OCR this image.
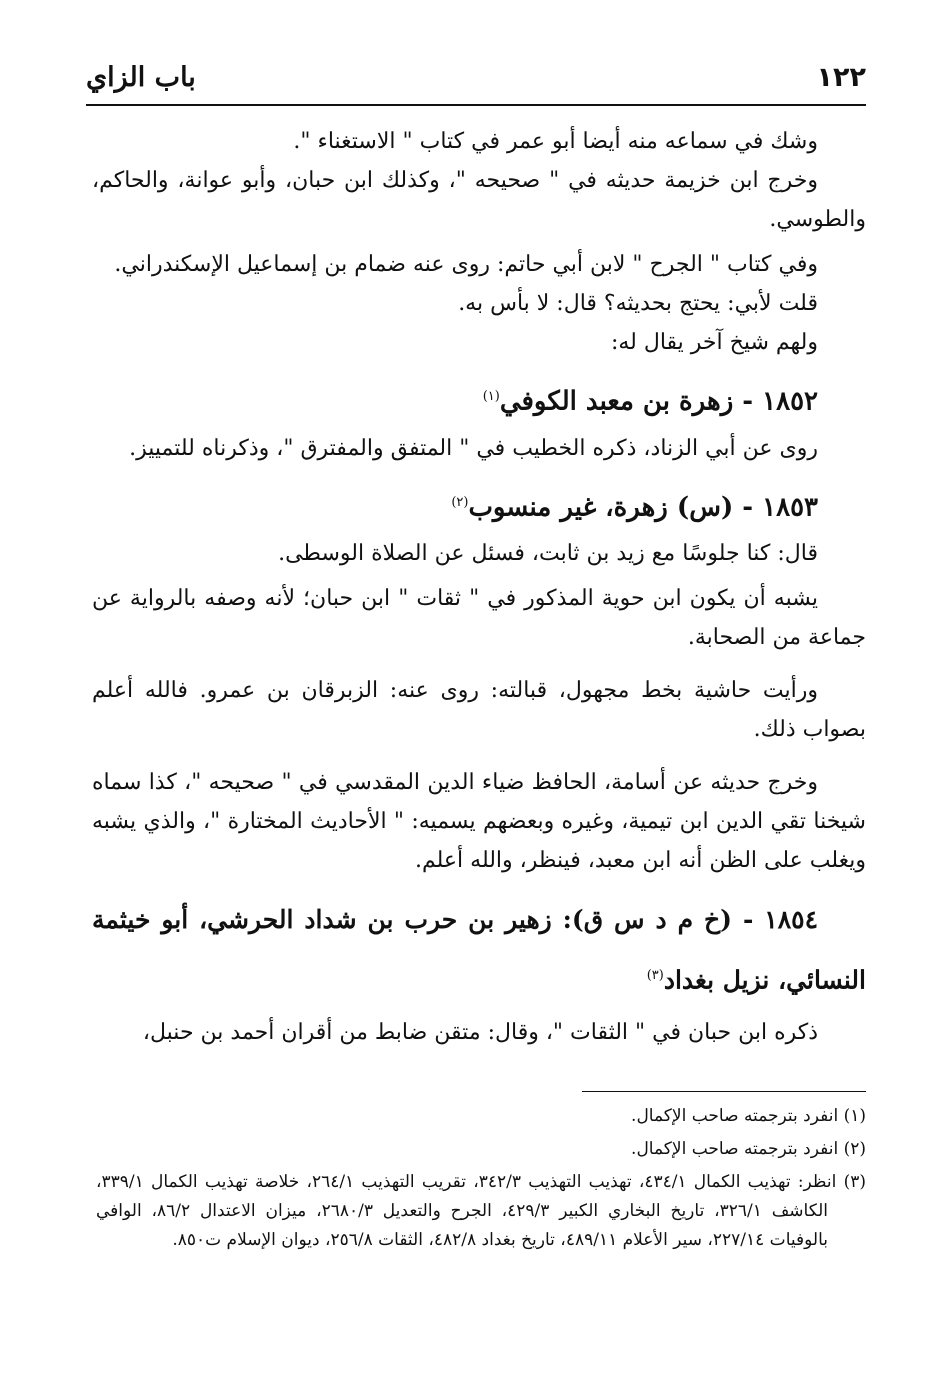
١٢٢
باب الزاي

وشك في سماعه منه أيضا أبو عمر في كتاب " الاستغناء ".

وخرج ابن خزيمة حديثه في " صحيحه "، وكذلك ابن حبان، وأبو عوانة، والحاكم، والطوسي.

وفي كتاب " الجرح " لابن أبي حاتم: روى عنه ضمام بن إسماعيل الإسكندراني.

قلت لأبي: يحتج بحديثه؟ قال: لا بأس به.

ولهم شيخ آخر يقال له:

١٨٥٢ - زهرة بن معبد الكوفي$^{(١)}$

روى عن أبي الزناد، ذكره الخطيب في " المتفق والمفترق "، وذكرناه للتمييز.

١٨٥٣ - (س) زهرة، غير منسوب$^{(٢)}$

قال: كنا جلوسًا مع زيد بن ثابت، فسئل عن الصلاة الوسطى.

يشبه أن يكون ابن حوية المذكور في " ثقات " ابن حبان؛ لأنه وصفه بالرواية عن جماعة من الصحابة.

ورأيت حاشية بخط مجهول، قبالته: روى عنه: الزبرقان بن عمرو. فالله أعلم بصواب ذلك.

وخرج حديثه عن أسامة، الحافظ ضياء الدين المقدسي في " صحيحه "، كذا سماه شيخنا تقي الدين ابن تيمية، وغيره وبعضهم يسميه: " الأحاديث المختارة "، والذي يشبه ويغلب على الظن أنه ابن معبد، فينظر، والله أعلم.

١٨٥٤ - (خ م د س ق): زهير بن حرب بن شداد الحرشي، أبو خيثمة النسائي، نزيل بغداد$^{(٣)}$

ذكره ابن حبان في " الثقات "، وقال: متقن ضابط من أقران أحمد بن حنبل،

(١) انفرد بترجمته صاحب الإكمال.

(٢) انفرد بترجمته صاحب الإكمال.

(٣) انظر: تهذيب الكمال ٤٣٤/١، تهذيب التهذيب ٣٤٢/٣، تقريب التهذيب ٢٦٤/١، خلاصة تهذيب الكمال ٣٣٩/١، الكاشف ٣٢٦/١، تاريخ البخاري الكبير ٤٢٩/٣، الجرح والتعديل ٢٦٨٠/٣، ميزان الاعتدال ٨٦/٢، الوافي بالوفيات ٢٢٧/١٤، سير الأعلام ٤٨٩/١١، تاريخ بغداد ٤٨٢/٨، الثقات ٢٥٦/٨، ديوان الإسلام ت٨٥٠.
